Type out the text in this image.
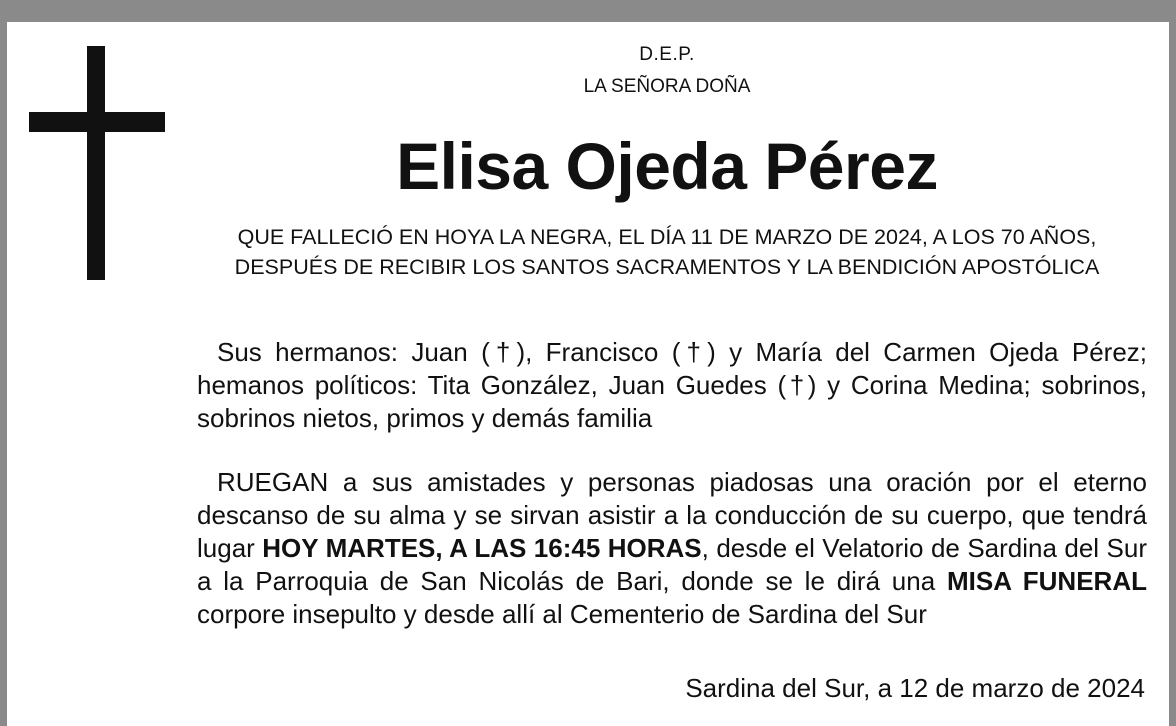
D.E.P.
LA SEÑORA DOÑA
Elisa Ojeda Pérez
QUE FALLECIÓ EN HOYA LA NEGRA, EL DÍA 11 DE MARZO DE 2024, A LOS 70 AÑOS, DESPUÉS DE RECIBIR LOS SANTOS SACRAMENTOS Y LA BENDICIÓN APOSTÓLICA

Sus hermanos: Juan (†), Francisco (†) y María del Carmen Ojeda Pérez; hemanos políticos: Tita González, Juan Guedes (†) y Corina Medina; sobrinos, sobrinos nietos, primos y demás familia

RUEGAN a sus amistades y personas piadosas una oración por el eterno descanso de su alma y se sirvan asistir a la conducción de su cuerpo, que tendrá lugar HOY MARTES, A LAS 16:45 HORAS, desde el Velatorio de Sardina del Sur a la Parroquia de San Nicolás de Bari, donde se le dirá una MISA FUNERAL corpore insepulto y desde allí al Cementerio de Sardina del Sur

Sardina del Sur, a 12 de marzo de 2024
